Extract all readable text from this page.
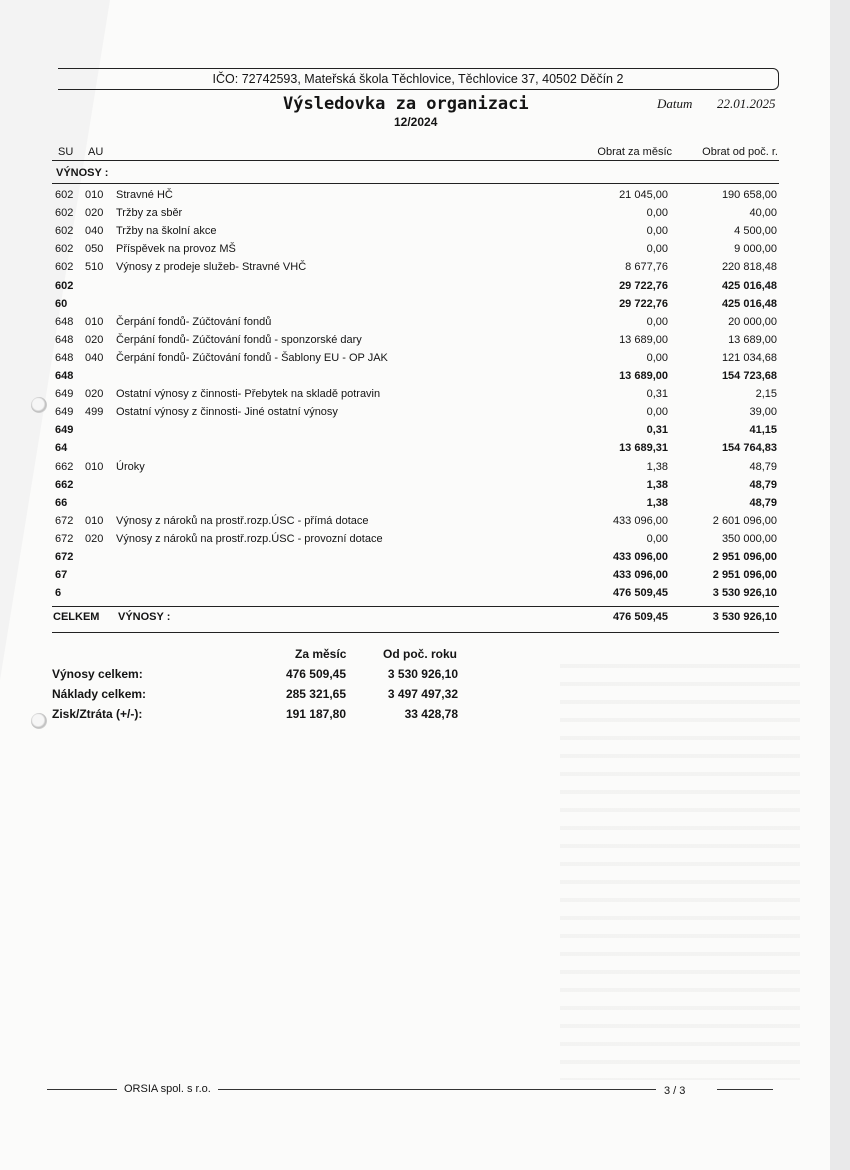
IČO: 72742593, Mateřská škola Těchlovice, Těchlovice 37, 40502 Děčín 2
Výsledovka za organizaci
12/2024
Datum 22.01.2025
SU AU	Obrat za měsíc	Obrat od poč. r.
VÝNOSY :
602 010 Stravné HČ	21 045,00	190 658,00
602 020 Tržby za sběr	0,00	40,00
602 040 Tržby na školní akce	0,00	4 500,00
602 050 Příspěvek na provoz MŠ	0,00	9 000,00
602 510 Výnosy z prodeje služeb- Stravné VHČ	8 677,76	220 818,48
602	29 722,76	425 016,48
60	29 722,76	425 016,48
648 010 Čerpání fondů- Zúčtování fondů	0,00	20 000,00
648 020 Čerpání fondů- Zúčtování fondů - sponzorské dary	13 689,00	13 689,00
648 040 Čerpání fondů- Zúčtování fondů - Šablony EU - OP JAK	0,00	121 034,68
648	13 689,00	154 723,68
649 020 Ostatní výnosy z činnosti- Přebytek na skladě potravin	0,31	2,15
649 499 Ostatní výnosy z činnosti- Jiné ostatní výnosy	0,00	39,00
649	0,31	41,15
64	13 689,31	154 764,83
662 010 Úroky	1,38	48,79
662	1,38	48,79
66	1,38	48,79
672 010 Výnosy z nároků na prostř.rozp.ÚSC - přímá dotace	433 096,00	2 601 096,00
672 020 Výnosy z nároků na prostř.rozp.ÚSC - provozní dotace	0,00	350 000,00
672	433 096,00	2 951 096,00
67	433 096,00	2 951 096,00
6	476 509,45	3 530 926,10
CELKEM VÝNOSY :	476 509,45	3 530 926,10
Za měsíc	Od poč. roku
Výnosy celkem:	476 509,45	3 530 926,10
Náklady celkem:	285 321,65	3 497 497,32
Zisk/Ztráta (+/-):	191 187,80	33 428,78
ORSIA spol. s r.o.	3 / 3
